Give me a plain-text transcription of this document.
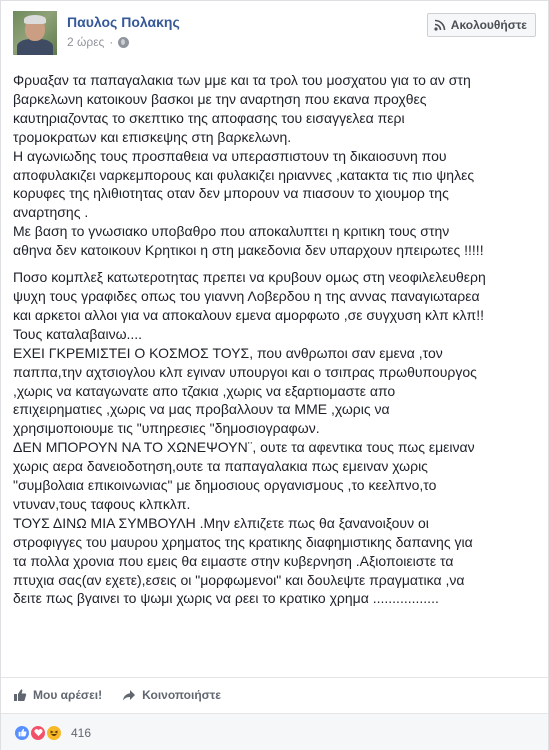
Παυλος Πολακης
2 ώρες ·
Ακολουθήστε
Φρυαξαν τα παπαγαλακια των μμε και τα τρολ του μοσχατου για το αν στη
βαρκελωνη κατοικουν βασκοι με την αναρτηση που εκανα προχθες
καυτηριαζοντας το σκεπτικο της αποφασης του εισαγγελεα περι
τρομοκρατων και επισκεψης στη βαρκελωνη.
Η αγωνιωδης τους προσπαθεια να υπερασπιστουν τη δικαιοσυνη που
αποφυλακιζει ναρκεμπορους και φυλακιζει ηριαννες ,κατακτα τις πιο ψηλες
κορυφες της ηλιθιοτητας οταν δεν μπορουν να πιασουν το χιουμορ της
αναρτησης .
Με βαση το γνωσιακο υποβαθρο που αποκαλυπτει η κριτικη τους στην
αθηνα δεν κατοικουν Κρητικοι η στη μακεδονια δεν υπαρχουν ηπειρωτες !!!!!
Ποσο κομπλεξ κατωτεροτητας πρεπει να κρυβουν ομως στη νεοφιλελευθερη
ψυχη τους γραφιδες οπως του γιαννη Λοβερδου η της αννας παναγιωταρεα
και αρκετοι αλλοι για να αποκαλουν εμενα αμορφωτο ,σε συγχυση κλπ κλπ!!
Τους καταλαβαινω....
ΕΧΕΙ ΓΚΡΕΜΙΣΤΕΙ Ο ΚΟΣΜΟΣ ΤΟΥΣ, που ανθρωποι σαν εμενα ,τον
παππα,την αχτσιογλου κλπ εγιναν υπουργοι και ο τσιπρας πρωθυπουργος
,χωρις να καταγωνατε απο τζακια ,χωρις να εξαρτιομαστε απο
επιχειρηματιες ,χωρις να μας προβαλλουν τα ΜΜΕ ,χωρις να
χρησιμοποιουμε τις "υπηρεσιες "δημοσιογραφων.
ΔΕΝ ΜΠΟΡΟΥΝ ΝΑ ΤΟ ΧΩΝΕΨΟΥΝ¨, ουτε τα αφεντικα τους πως εμειναν
χωρις αερα δανειοδοτηση,ουτε τα παπαγαλακια πως εμειναν χωρις
"συμβολαια επικοινωνιας" με δημοσιους οργανισμους ,το κεελπνο,το
ντυναν,τους ταφους κλπκλπ.
ΤΟΥΣ ΔΙΝΩ ΜΙΑ ΣΥΜΒΟΥΛΗ .Μην ελπιζετε πως θα ξανανοιξουν οι
στροφιγγες του μαυρου χρηματος της κρατικης διαφημιστικης δαπανης για
τα πολλα χρονια που εμεις θα ειμαστε στην κυβερνηση .Αξιοποιειστε τα
πτυχια σας(αν εχετε),εσεις οι "μορφωμενοι" και δουλεψτε πραγματικα ,να
δειτε πως βγαινει το ψωμι χωρις να ρεει το κρατικο χρημα .................
Μου αρέσει!	Κοινοποιήστε
416
